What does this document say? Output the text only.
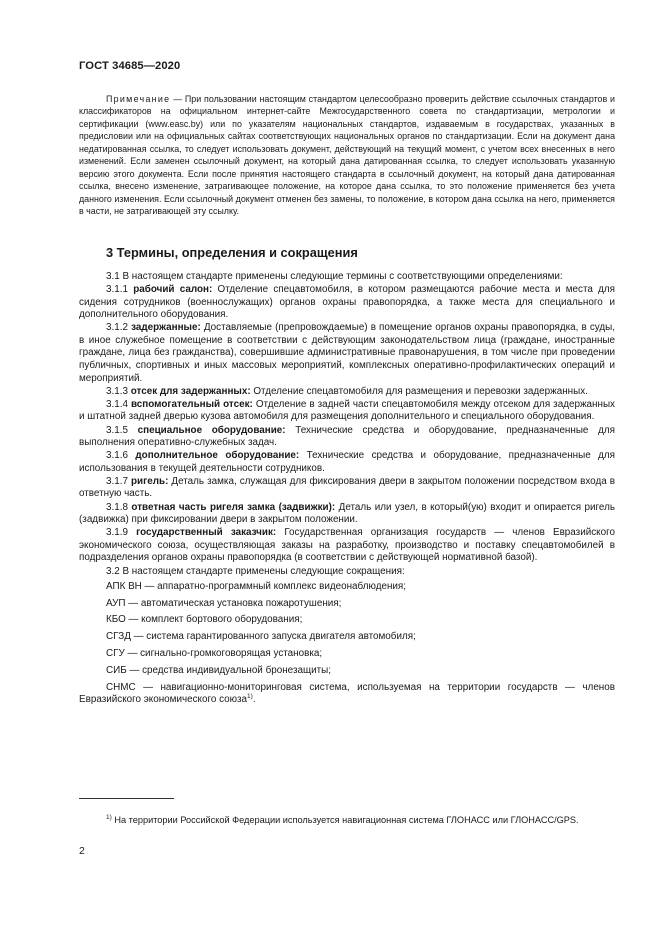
ГОСТ 34685—2020
Примечание — При пользовании настоящим стандартом целесообразно проверить действие ссылочных стандартов и классификаторов на официальном интернет-сайте Межгосударственного совета по стандартизации, метрологии и сертификации (www.easc.by) или по указателям национальных стандартов, издаваемым в государствах, указанных в предисловии или на официальных сайтах соответствующих национальных органов по стандартизации. Если на документ дана недатированная ссылка, то следует использовать документ, действующий на текущий момент, с учетом всех внесенных в него изменений. Если заменен ссылочный документ, на который дана датированная ссылка, то следует использовать указанную версию этого документа. Если после принятия настоящего стандарта в ссылочный документ, на который дана датированная ссылка, внесено изменение, затрагивающее положение, на которое дана ссылка, то это положение применяется без учета данного изменения. Если ссылочный документ отменен без замены, то положение, в котором дана ссылка на него, применяется в части, не затрагивающей эту ссылку.
3 Термины, определения и сокращения

3.1 В настоящем стандарте применены следующие термины с соответствующими определениями:

3.1.1 рабочий салон: Отделение спецавтомобиля, в котором размещаются рабочие места и места для сидения сотрудников (военнослужащих) органов охраны правопорядка, а также места для специального и дополнительного оборудования.

3.1.2 задержанные: Доставляемые (препровождаемые) в помещение органов охраны правопорядка, в суды, в иное служебное помещение в соответствии с действующим законодательством лица (граждане, иностранные граждане, лица без гражданства), совершившие административные правонарушения, в том числе при проведении публичных, спортивных и иных массовых мероприятий, комплексных оперативно-профилактических операций и мероприятий.

3.1.3 отсек для задержанных: Отделение спецавтомобиля для размещения и перевозки задержанных.

3.1.4 вспомогательный отсек: Отделение в задней части спецавтомобиля между отсеком для задержанных и штатной задней дверью кузова автомобиля для размещения дополнительного и специального оборудования.

3.1.5 специальное оборудование: Технические средства и оборудование, предназначенные для выполнения оперативно-служебных задач.

3.1.6 дополнительное оборудование: Технические средства и оборудование, предназначенные для использования в текущей деятельности сотрудников.

3.1.7 ригель: Деталь замка, служащая для фиксирования двери в закрытом положении посредством входа в ответную часть.

3.1.8 ответная часть ригеля замка (задвижки): Деталь или узел, в который(ую) входит и опирается ригель (задвижка) при фиксировании двери в закрытом положении.

3.1.9 государственный заказчик: Государственная организация государств — членов Евразийского экономического союза, осуществляющая заказы на разработку, производство и поставку спецавтомобилей в подразделения органов охраны правопорядка (в соответствии с действующей нормативной базой).

3.2 В настоящем стандарте применены следующие сокращения:

АПК ВН — аппаратно-программный комплекс видеонаблюдения;

АУП — автоматическая установка пожаротушения;

КБО — комплект бортового оборудования;

СГЗД — система гарантированного запуска двигателя автомобиля;

СГУ — сигнально-громкоговорящая установка;

СИБ — средства индивидуальной бронезащиты;

СНМС — навигационно-мониторинговая система, используемая на территории государств — членов Евразийского экономического союза$^{1)}$.

$^{1)}$ На территории Российской Федерации используется навигационная система ГЛОНАСС или ГЛОНАСС/GPS.
2
